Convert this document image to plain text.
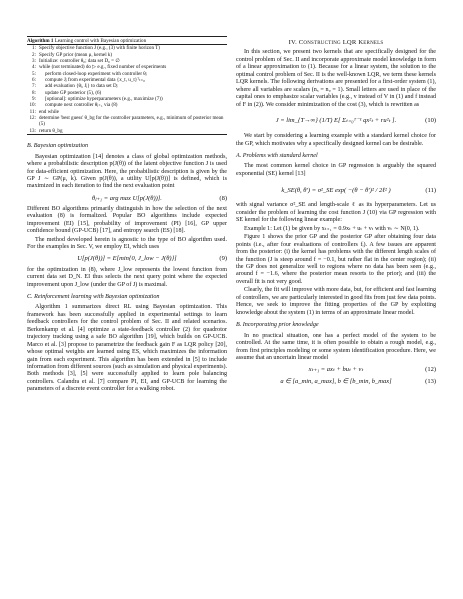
Algorithm 1 Learning control with Bayesian optimization
1: Specify objective function J (e.g., (3) with finite horizon T)
2: Specify GP prior (mean μ, kernel k)
3: Initialize: controller θ₀; data set D₀ = ∅
4: while (not terminated) do ▷ e.g., fixed number of experiments
5:	perform closed-loop experiment with controller θⱼ
6:	compute Jⱼ from experimental data {x_t, u_t}ᵀₜ₌₀
7:	add evaluation {θⱼ, Jⱼ} to data set Dⱼ
8:	update GP posterior (5), (6)
9:	[optional]: optimize hyperparameters (e.g., maximize (7))
10:	compute next controller θⱼ₊₁ via (8)
11: end while
12: determine 'best guess' θ_bg for the controller parameters, e.g., minimum of posterior mean (5)
13: return θ_bg
B. Bayesian optimization

Bayesian optimization [14] denotes a class of global optimization methods, where a probabilistic description p(J(θ)) of the latent objective function J is used for data-efficient optimization. Here, the probabilistic description is given by the GP J ∼ GP(μ, k). Given p(J(θ)), a utility U[p(J(θ))] is defined, which is maximized in each iteration to find the next evaluation point

θⱼ₊₁ = arg max U[p(J(θ))].	(8)

Different BO algorithms primarily distinguish in how the selection of the next evaluation (8) is formalized. Popular BO algorithms include expected improvement (EI) [15], probability of improvement (PI) [16], GP upper confidence bound (GP-UCB) [17], and entropy search (ES) [18].

The method developed herein is agnostic to the type of BO algorithm used. For the examples in Sec. V, we employ EI, which uses

U[p(J(θ))] = E[min{0, J_low − J(θ)}]	(9)

for the optimization in (8), where J_low represents the lowest function from current data set D_N. EI thus selects the next query point where the expected improvement upon J_low (under the GP of J) is maximal.

C. Reinforcement learning with Bayesian optimization

Algorithm 1 summarizes direct RL using Bayesian optimization. This framework has been successfully applied in experimental settings to learn feedback controllers for the control problem of Sec. II and related scenarios. Berkenkamp et al. [4] optimize a state-feedback controller (2) for quadrotor trajectory tracking using a safe BO algorithm [19], which builds on GP-UCB. Marco et al. [3] propose to parametrize the feedback gain F as LQR policy [20], whose optimal weights are learned using ES, which maximizes the information gain from each experiment. This algorithm has been extended in [5] to include information from different sources (such as simulation and physical experiments). Both methods [3], [5] were successfully applied to learn pole balancing controllers. Calandra et al. [7] compare PI, EI, and GP-UCB for learning the parameters of a discrete event controller for a walking robot.

IV. Constructing LQR Kernels

In this section, we present two kernels that are specifically designed for the control problem of Sec. II and incorporate approximate model knowledge in form of a linear approximation to (1). Because for a linear system, the solution to the optimal control problem of Sec. II is the well-known LQR, we term these kernels LQR kernels. The following derivations are presented for a first-order system (1), where all variables are scalars (nₓ = nᵤ = 1). Small letters are used in place of the capital ones to emphasize scalar variables (e.g., v instead of V in (1) and f instead of F in (2)). We consider minimization of the cost (3), which is rewritten as

J = lim_{T→∞} (1/T) E[ Σₜ₌₀ᵀ⁻¹ qx²ₜ + ru²ₜ ].	(10)

We start by considering a learning example with a standard kernel choice for the GP, which motivates why a specifically designed kernel can be desirable.

A. Problems with standard kernel

The most common kernel choice in GP regression is arguably the squared exponential (SE) kernel [13]

k_SE(θ, θ′) = σ²_SE exp( −(θ − θ′)² / 2ℓ² )	(11)

with signal variance σ²_SE and length-scale ℓ as its hyperparameters. Let us consider the problem of learning the cost function J (10) via GP regression with SE kernel for the following linear example:

Example 1: Let (1) be given by xₜ₊₁ = 0.9xₜ + uₜ + vₜ with vₜ ∼ N(0, 1).

Figure 1 shows the prior GP and the posterior GP after obtaining four data points (i.e., after four evaluations of controllers fᵢ). A few issues are apparent from the posterior: (i) the kernel has problems with the different length scales of the function (J is steep around f = −0.1, but rather flat in the center region); (ii) the GP does not generalize well to regions where no data has been seen (e.g., around f = −1.6, where the posterior mean resorts to the prior); and (iii) the overall fit is not very good.

Clearly, the fit will improve with more data, but, for efficient and fast learning of controllers, we are particularly interested in good fits from just few data points. Hence, we seek to improve the fitting properties of the GP by exploiting knowledge about the system (1) in terms of an approximate linear model.

B. Incorporating prior knowledge

In no practical situation, one has a perfect model of the system to be controlled. At the same time, it is often possible to obtain a rough model, e.g., from first principles modeling or some system identification procedure. Here, we assume that an uncertain linear model

xₜ₊₁ = axₜ + buₜ + vₜ	(12)
a ∈ [a_min, a_max], b ∈ [b_min, b_max]	(13)
